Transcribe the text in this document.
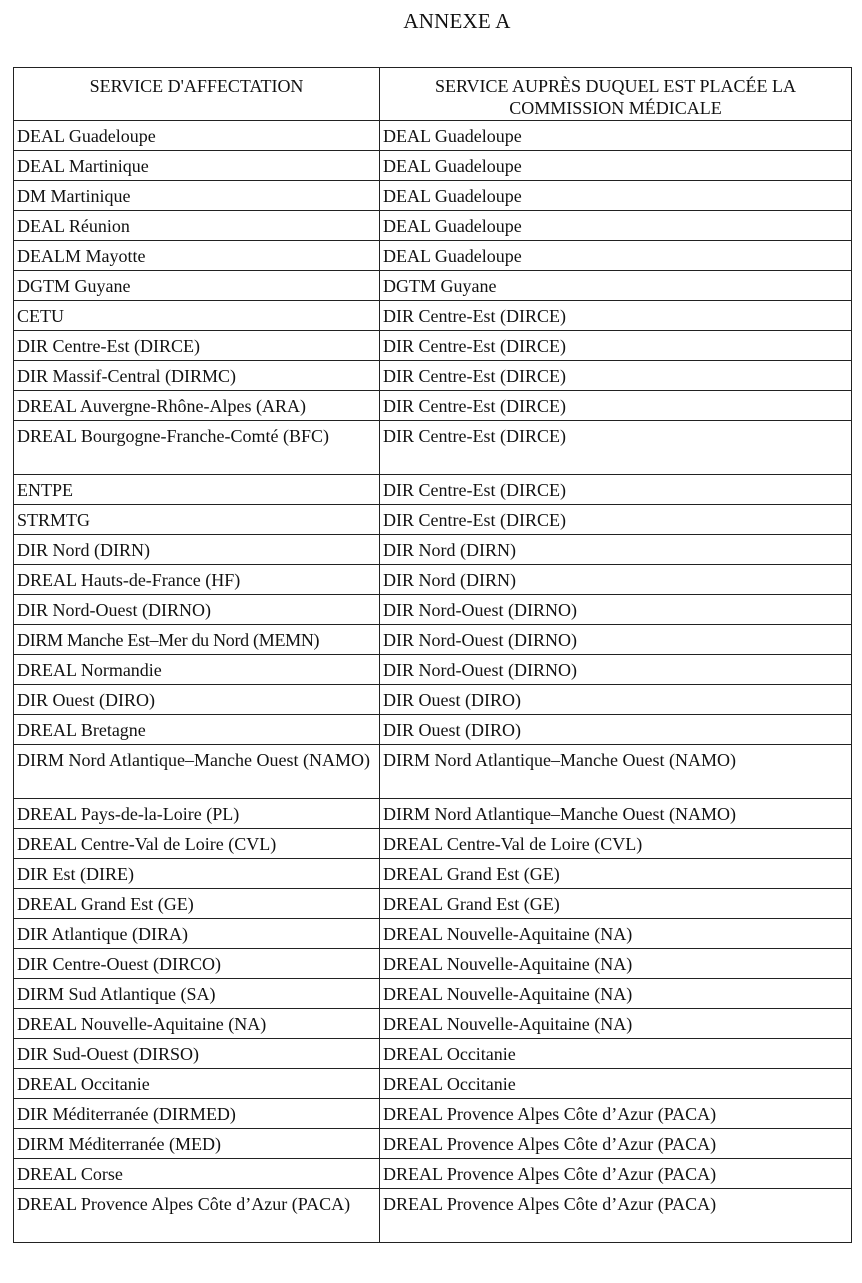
ANNEXE A
SERVICE D'AFFECTATION	SERVICE AUPRÈS DUQUEL EST PLACÉE LA COMMISSION MÉDICALE
DEAL Guadeloupe	DEAL Guadeloupe
DEAL Martinique	DEAL Guadeloupe
DM Martinique	DEAL Guadeloupe
DEAL Réunion	DEAL Guadeloupe
DEALM Mayotte	DEAL Guadeloupe
DGTM Guyane	DGTM Guyane
CETU	DIR Centre-Est (DIRCE)
DIR Centre-Est (DIRCE)	DIR Centre-Est (DIRCE)
DIR Massif-Central (DIRMC)	DIR Centre-Est (DIRCE)
DREAL Auvergne-Rhône-Alpes (ARA)	DIR Centre-Est (DIRCE)
DREAL Bourgogne-Franche-Comté (BFC)	DIR Centre-Est (DIRCE)
ENTPE	DIR Centre-Est (DIRCE)
STRMTG	DIR Centre-Est (DIRCE)
DIR Nord (DIRN)	DIR Nord (DIRN)
DREAL Hauts-de-France (HF)	DIR Nord (DIRN)
DIR Nord-Ouest (DIRNO)	DIR Nord-Ouest (DIRNO)
DIRM Manche Est–Mer du Nord (MEMN)	DIR Nord-Ouest (DIRNO)
DREAL Normandie	DIR Nord-Ouest (DIRNO)
DIR Ouest (DIRO)	DIR Ouest (DIRO)
DREAL Bretagne	DIR Ouest (DIRO)
DIRM Nord Atlantique–Manche Ouest (NAMO)	DIRM Nord Atlantique–Manche Ouest (NAMO)
DREAL Pays-de-la-Loire (PL)	DIRM Nord Atlantique–Manche Ouest (NAMO)
DREAL Centre-Val de Loire (CVL)	DREAL Centre-Val de Loire (CVL)
DIR Est (DIRE)	DREAL Grand Est (GE)
DREAL Grand Est (GE)	DREAL Grand Est (GE)
DIR Atlantique (DIRA)	DREAL Nouvelle-Aquitaine (NA)
DIR Centre-Ouest (DIRCO)	DREAL Nouvelle-Aquitaine (NA)
DIRM Sud Atlantique (SA)	DREAL Nouvelle-Aquitaine (NA)
DREAL Nouvelle-Aquitaine (NA)	DREAL Nouvelle-Aquitaine (NA)
DIR Sud-Ouest (DIRSO)	DREAL Occitanie
DREAL Occitanie	DREAL Occitanie
DIR Méditerranée (DIRMED)	DREAL Provence Alpes Côte d’Azur (PACA)
DIRM Méditerranée (MED)	DREAL Provence Alpes Côte d’Azur (PACA)
DREAL Corse	DREAL Provence Alpes Côte d’Azur (PACA)
DREAL Provence Alpes Côte d’Azur (PACA)	DREAL Provence Alpes Côte d’Azur (PACA)
